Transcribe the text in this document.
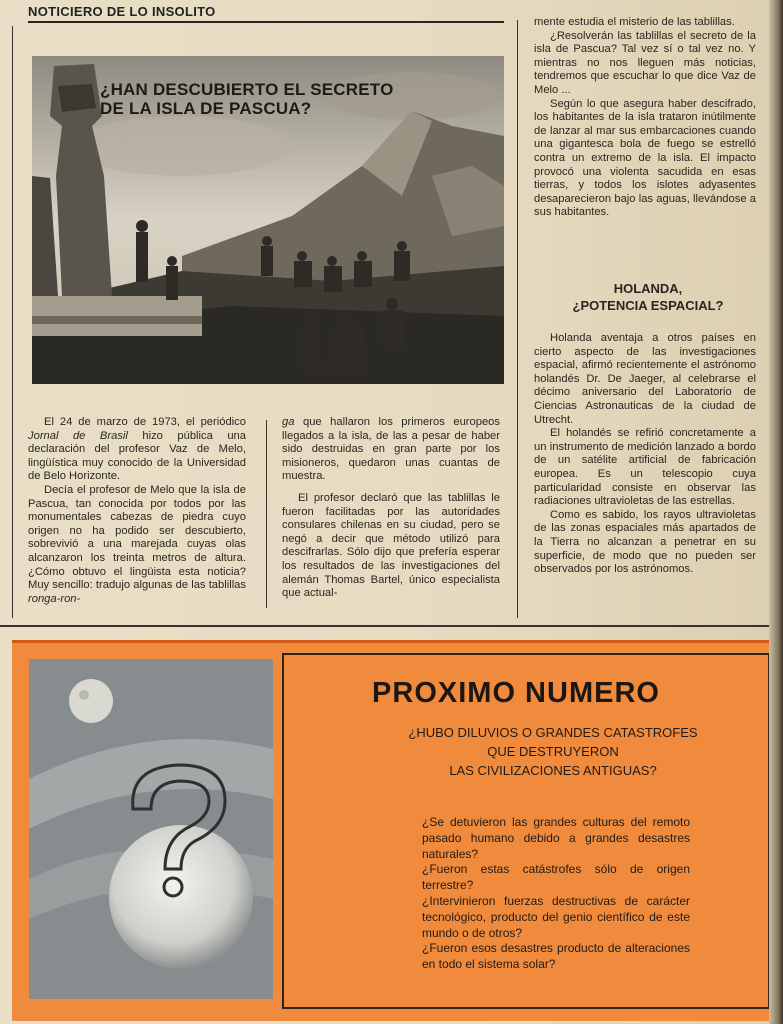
NOTICIERO DE LO INSOLITO
¿HAN DESCUBIERTO EL SECRETO
DE LA ISLA DE PASCUA?

El 24 de marzo de 1973, el periódico Jornal de Brasil hizo pública una declaración del profesor Vaz de Melo, lingüística muy conocido de la Universidad de Belo Horizonte.

Decía el profesor de Melo que la isla de Pascua, tan conocida por todos por las monumentales cabezas de piedra cuyo origen no ha podido ser descubierto, sobrevivió a una marejada cuyas olas alcanzaron los treinta metros de altura. ¿Cómo obtuvo el lingüista esta noticia? Muy sencillo: tradujo algunas de las tablillas ronga-ron-

ga que hallaron los primeros europeos llegados a la isla, de las a pesar de haber sido destruidas en gran parte por los misioneros, quedaron unas cuantas de muestra.

El profesor declaró que las tablillas le fueron facilitadas por las autoridades consulares chilenas en su ciudad, pero se negó a decir que método utilizó para descifrarlas. Sólo dijo que prefería esperar los resultados de las investigaciones del alemán Thomas Bartel, único especialista que actual-

mente estudia el misterio de las tablillas.

¿Resolverán las tablillas el secreto de la isla de Pascua? Tal vez sí o tal vez no. Y mientras no nos lleguen más noticias, tendremos que escuchar lo que dice Vaz de Melo ...

Según lo que asegura haber descifrado, los habitantes de la isla trataron inútilmente de lanzar al mar sus embarcaciones cuando una gigantesca bola de fuego se estrelló contra un extremo de la isla. El impacto provocó una violenta sacudida en esas tierras, y todos los islotes adyasentes desaparecieron bajo las aguas, llevándose a sus habitantes.

HOLANDA,
¿POTENCIA ESPACIAL?

Holanda aventaja a otros países en cierto aspecto de las investigaciones espacial, afirmó recientemente el astrónomo holandés Dr. De Jaeger, al celebrarse el décimo aniversario del Laboratorio de Ciencias Astronauticas de la ciudad de Utrecht.

El holandés se refirió concretamente a un instrumento de medición lanzado a bordo de un satélite artificial de fabricación europea. Es un telescopio cuya particularidad consiste en observar las radiaciones ultravioletas de las estrellas.

Como es sabido, los rayos ultravioletas de las zonas espaciales más apartados de la Tierra no alcanzan a penetrar en su superficie, de modo que no pueden ser observados por los astrónomos.

PROXIMO NUMERO
¿HUBO DILUVIOS O GRANDES CATASTROFES
QUE DESTRUYERON
LAS CIVILIZACIONES ANTIGUAS?

¿Se detuvieron las grandes culturas del remoto pasado humano debido a grandes desastres naturales?

¿Fueron estas catástrofes sólo de origen terrestre?

¿Intervinieron fuerzas destructivas de carácter tecnológico, producto del genio científico de este mundo o de otros?

¿Fueron esos desastres producto de alteraciones en todo el sistema solar?
